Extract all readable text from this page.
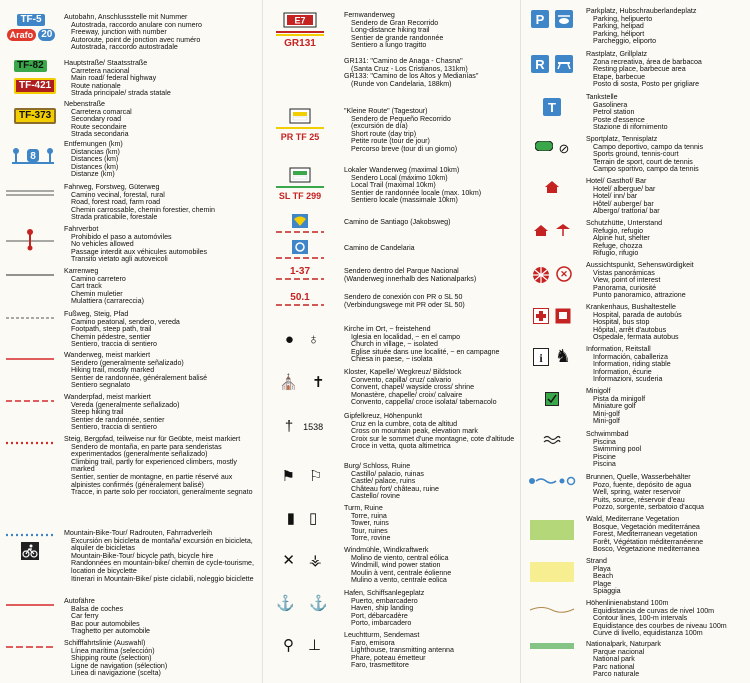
TF-5
Arafo 20
Autobahn, Anschlussstelle mit Nummer
Autostrada, raccordo anulare con numero
Freeway, junction with number
Autoroute, point de jonction avec numéro
Autostrada, raccordo autostradale
TF-82
TF-421
Hauptstraße/ Staatsstraße
Carretera nacional
Main road/ federal highway
Route nationale
Strada principale/ strada statale
TF-373
Nebenstraße
Carretera comarcal
Secondary road
Route secondaire
Strada secondaria
8
Entfernungen (km)
Distancias (km)
Distances (km)
Distances (km)
Distanze (km)
Fahrweg, Forstweg, Güterweg
Camino vecinal, forestal, rural
Road, forest road, farm road
Chemin carrossable, chemin forestier, chemin
Strada praticabile, forestale
Fahrverbot
Prohibido el paso a automóviles
No vehicles allowed
Passage interdit aux véhicules automobiles
Transito vietato agli autoveicoli
Karrenweg
Camino carretero
Cart track
Chemin muletier
Mulattiera (carrareccia)
Fußweg, Steig, Pfad
Camino peatonal, sendero, vereda
Footpath, steep path, trail
Chemin pédestre, sentier
Sentiero, traccia di sentiero
Wanderweg, meist markiert
Sendero (generalmente señalizado)
Hiking trail, mostly marked
Sentier de randonnée, généralement balisé
Sentiero segnalato
Wanderpfad, meist markiert
Vereda (generalmente señalizado)
Steep hiking trail
Sentier de randonnée, sentier
Sentiero, traccia di sentiero
Steig, Bergpfad, teilweise nur für Geübte, meist markiert
Sendero de montaña, en parte para senderistas experimentados (generalmente señalizado)
Climbing trail, partly for experienced climbers, mostly marked
Sentier, sentier de montagne, en partie réservé aux alpinistes confirmés (généralement balisé)
Tracce, in parte solo per rocciatori, generalmente segnato
Mountain-Bike-Tour/ Radrouten, Fahrradverleih
Excursión en bicicleta de montaña/ excursión en bicicleta, alquiler de bicicletas
Mountain-Bike-Tour/ bicycle path, bicycle hire
Randonnées en mountain-bike/ chemin de cycle-tourisme, location de bicyclette
Itinerari in Mountain-Bike/ piste ciclabili, noleggio biciclette
Autofähre
Balsa de coches
Car ferry
Bac pour automobiles
Traghetto per automobile
Schifffahrtslinie (Auswahl)
Línea marítima (selección)
Shipping route (selection)
Ligne de navigation (sélection)
Linea di navigazione (scelta)
E7
GR131
Fernwanderweg
Sendero de Gran Recorrido
Long-distance hiking trail
Sentier de grande randonnée
Sentiero a lungo tragitto
GR131: "Camino de Anaga - Chasna"
(Santa Cruz - Los Cristianos, 131km)
GR133: "Camino de los Altos y Medianías"
(Runde von Candelaria, 188km)
PR TF 25
"Kleine Route" (Tagestour)
Sendero de Pequeño Recorrido
(excursión de día)
Short route (day trip)
Petite route (tour de jour)
Percorso breve (tour di un giorno)
SL TF 299
Lokaler Wanderweg (maximal 10km)
Sendero Local (máximo 10km)
Local Trail (maximal 10km)
Sentier de randonnée locale (max. 10km)
Sentiero locale (massimale 10km)
Camino de Santiago (Jakobsweg)
Camino de Candelaria
1-37	Sendero dentro del Parque Nacional
(Wanderweg innerhalb des Nationalparks)
50.1	Sendero de conexión con PR o SL 50
(Verbindungswege mit PR oder SL 50)
● ♁
Kirche im Ort, ~ freistehend
Iglesia en localidad, ~ en el campo
Church in village, ~ isolated
Eglise située dans une localité, ~ en campagne
Chiesa in paese, ~ isolata
⛪ ✝
Kloster, Kapelle/ Wegkreuz/ Bildstock
Convento, capilla/ cruz/ calvario
Convent, chapel/ wayside cross/ shrine
Monastère, chapelle/ croix/ calvaire
Convento, cappella/ croce isolata/ tabernacolo
† 1538
Gipfelkreuz, Höhenpunkt
Cruz en la cumbre, cota de altitud
Cross on mountain peak, elevation mark
Croix sur le sommet d'une montagne, cote d'altitude
Croce in vetta, quota altimetrica
⚑ ⚐
Burg/ Schloss, Ruine
Castillo/ palacio, ruinas
Castle/ palace, ruins
Château fort/ château, ruine
Castello/ rovine
▮ ▯
Turm, Ruine
Torre, ruina
Tower, ruins
Tour, ruines
Torre, rovine
✕ ⚶
Windmühle, Windkraftwerk
Molino de viento, central eólica
Windmill, wind power station
Moulin à vent, centrale éolienne
Mulino a vento, centrale eolica
⚓ ⚓
Hafen, Schiffsanlegeplatz
Puerto, embarcadero
Haven, ship landing
Port, débarcadère
Porto, imbarcadero
⚲ ⊥
Leuchtturm, Sendemast
Faro, emisora
Lighthouse, transmitting antenna
Phare, poteau émetteur
Faro, trasmettitore
P
Parkplatz, Hubschrauberlandeplatz
Parking, helipuerto
Parking, helipad
Parking, héliport
Parcheggio, eliporto
R
Rastplatz, Grillplatz
Zona recreativa, área de barbacoa
Resting place, barbecue area
Etape, barbecue
Posto di sosta, Posto per grigliare
T
Tankstelle
Gasolinera
Petrol station
Poste d'essence
Stazione di rifornimento
⊘
Sportplatz, Tennisplatz
Campo deportivo, campo da tennis
Sports ground, tennis-court
Terrain de sport, court de tennis
Campo sportivo, campo da tennis
Hotel/ Gasthof/ Bar
Hotel/ albergue/ bar
Hotel/ inn/ bar
Hôtel/ auberge/ bar
Albergo/ trattoria/ bar
Schutzhütte, Unterstand
Refugio, refugio
Alpine hut, shelter
Refuge, chozza
Rifugio, rifugio
✕
Aussichtspunkt, Sehenswürdigkeit
Vistas panorámicas
View, point of interest
Panorama, curiosité
Punto panoramico, attrazione
Krankenhaus, Bushaltestelle
Hospital, parada de autobús
Hospital, bus stop
Hôpital, arrêt d'autobus
Ospedale, fermata autobus
i ♞ Information, Reitstall
Información, caballeriza
Information, riding stable
Information, écurie
Informazioni, scuderia
Minigolf
Pista da minigolf
Miniature golf
Mini-golf
Mini-golf
Schwimmbad
Piscina
Swimming pool
Piscine
Piscina
Brunnen, Quelle, Wasserbehälter
Pozo, fuente, depósito de agua
Well, spring, water reservoir
Puits, source, réservoir d'eau
Pozzo, sorgente, serbatoio d'acqua
Wald, Mediterrane Vegetation
Bosque, Vegetación mediterránea
Forest, Mediterranean vegetation
Forêt, Végétation méditerranéenne
Bosco, Vegetazione mediterranea
Strand
Playa
Beach
Plage
Spiaggia
Höhenlinienabstand 100m
Equidistancia de curvas de nivel 100m
Contour lines, 100-m intervals
Equidistance des courbes de niveau 100m
Curve di livello, equidistanza 100m
Nationalpark, Naturpark
Parque nacional
National park
Parc national
Parco naturale
